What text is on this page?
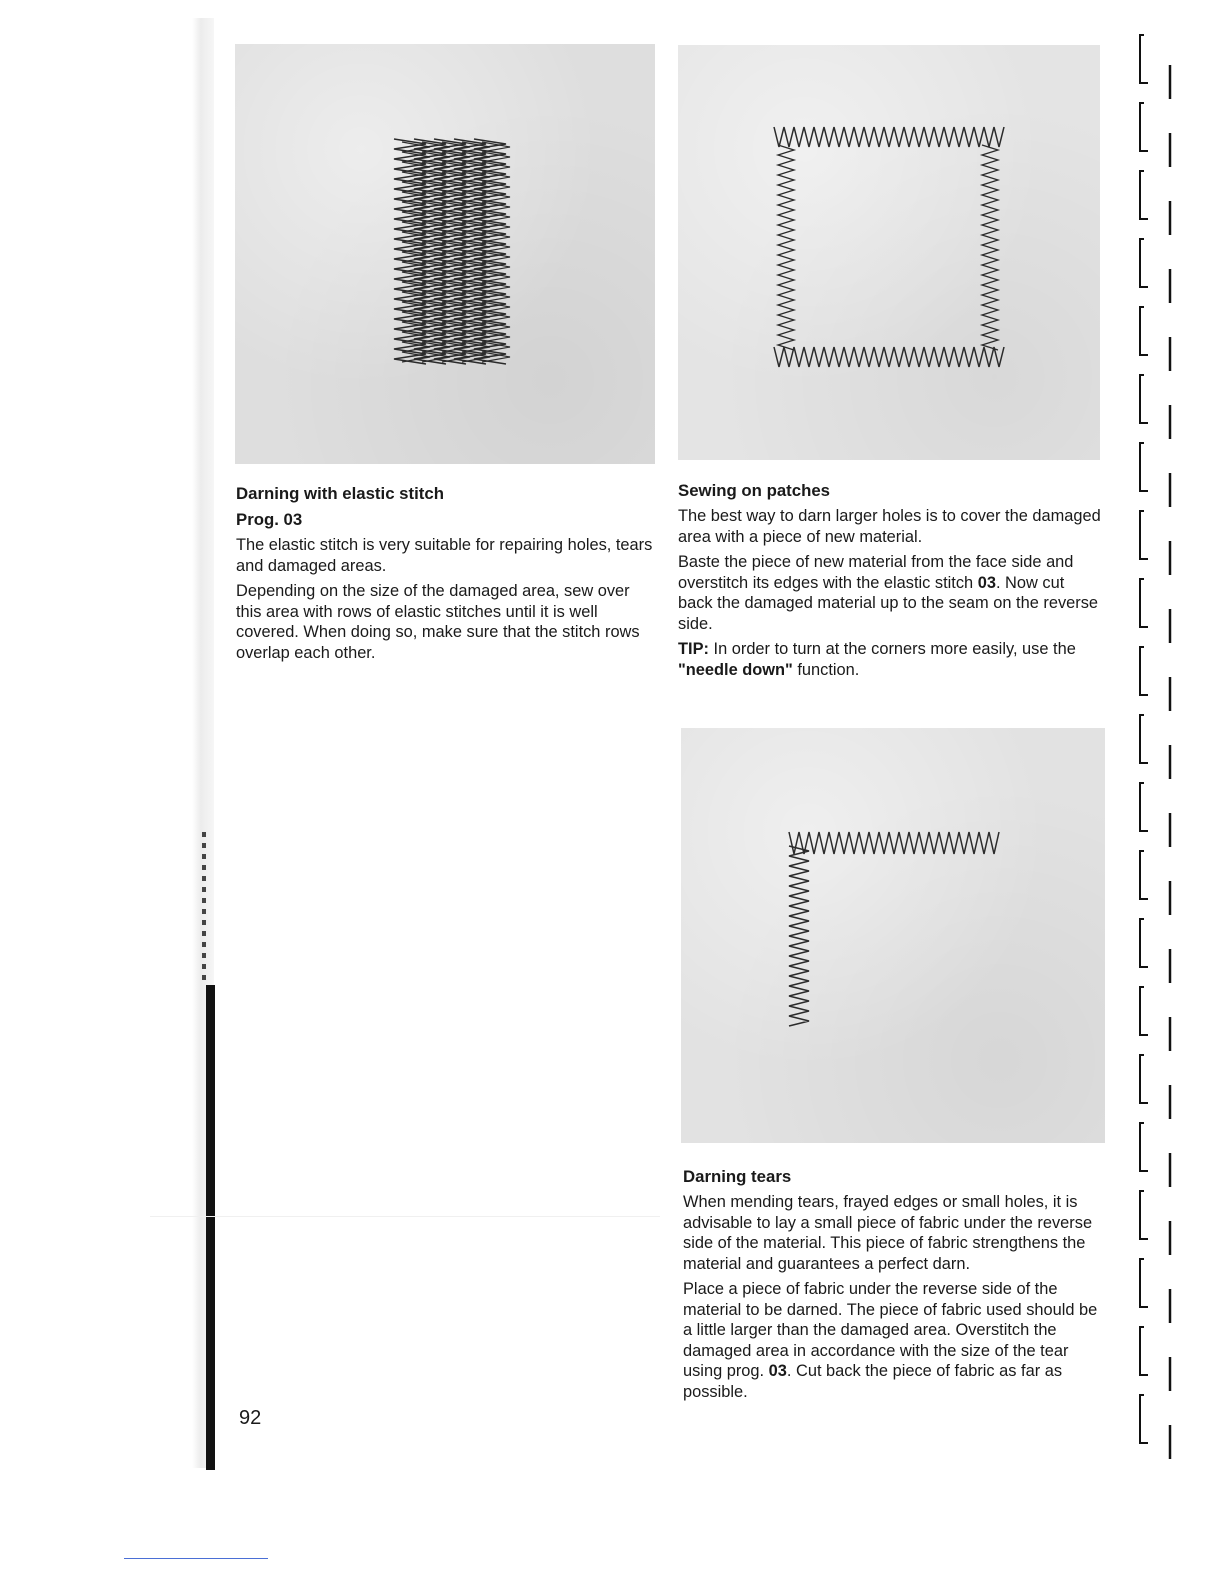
Darning with elastic stitch
Prog. 03

The elastic stitch is very suitable for repairing holes, tears and damaged areas.

Depending on the size of the damaged area, sew over this area with rows of elastic stitches until it is well covered. When doing so, make sure that the stitch rows overlap each other.

Sewing on patches

The best way to darn larger holes is to cover the damaged area with a piece of new material.

Baste the piece of new material from the face side and overstitch its edges with the elastic stitch 03. Now cut back the damaged material up to the seam on the reverse side.

TIP: In order to turn at the corners more easily, use the "needle down" function.

Darning tears

When mending tears, frayed edges or small holes, it is advisable to lay a small piece of fabric under the reverse side of the material. This piece of fabric strengthens the material and guarantees a perfect darn.

Place a piece of fabric under the reverse side of the material to be darned. The piece of fabric used should be a little larger than the damaged area. Overstitch the damaged area in accordance with the size of the tear using prog. 03. Cut back the piece of fabric as far as possible.

92
